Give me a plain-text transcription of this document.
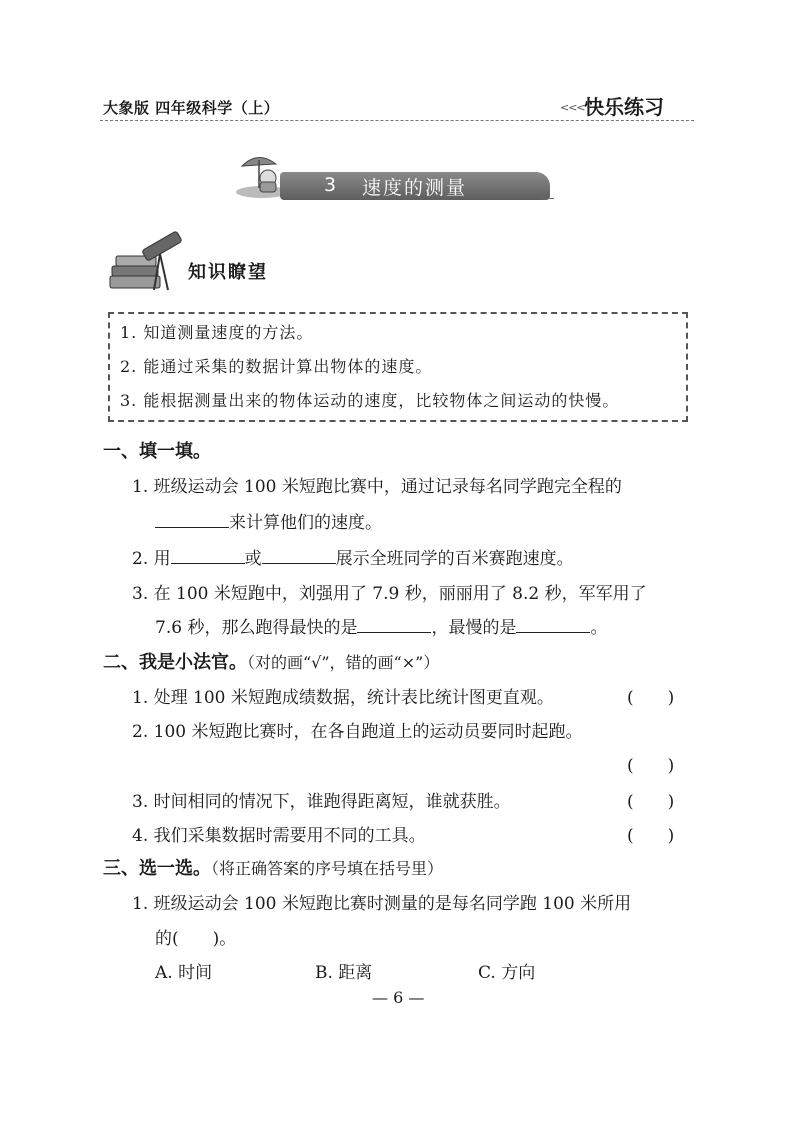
大象版 四年级科学（上）	<<< 快乐练习
3 速度的测量
知识瞭望
1. 知道测量速度的方法。
2. 能通过采集的数据计算出物体的速度。
3. 能根据测量出来的物体运动的速度，比较物体之间运动的快慢。
一、填一填。
1. 班级运动会 100 米短跑比赛中，通过记录每名同学跑完全程的
来计算他们的速度。
2. 用	或	展示全班同学的百米赛跑速度。
3. 在 100 米短跑中，刘强用了 7.9 秒，丽丽用了 8.2 秒，军军用了
7.6 秒，那么跑得最快的是	，最慢的是	。
二、我是小法官。（对的画“√”，错的画“×”）
1. 处理 100 米短跑成绩数据，统计表比统计图更直观。	(　　)
2. 100 米短跑比赛时，在各自跑道上的运动员要同时起跑。
(　　)
3. 时间相同的情况下，谁跑得距离短，谁就获胜。	(　　)
4. 我们采集数据时需要用不同的工具。	(　　)
三、选一选。（将正确答案的序号填在括号里）
1. 班级运动会 100 米短跑比赛时测量的是每名同学跑 100 米所用
的(　　)。
A. 时间	B. 距离	C. 方向
— 6 —
